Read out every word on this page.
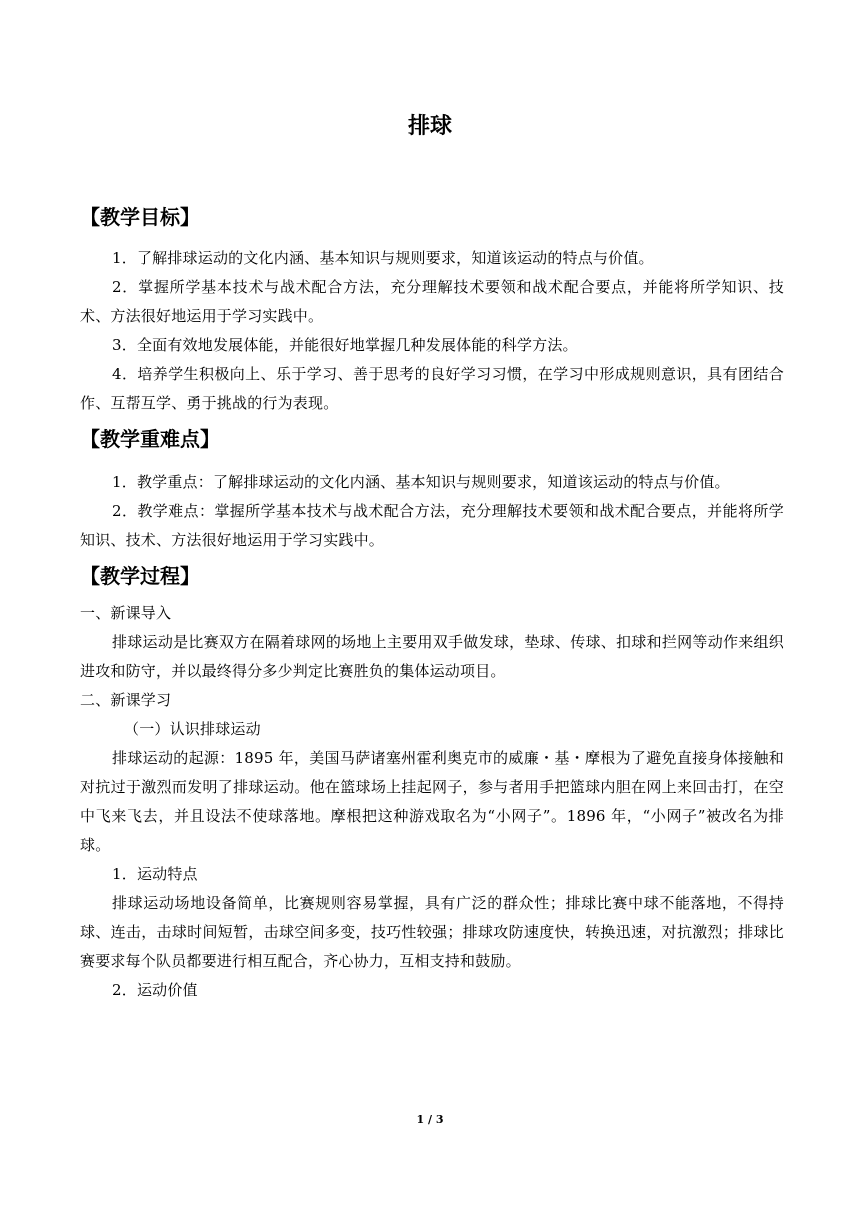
排球

【教学目标】

1．了解排球运动的文化内涵、基本知识与规则要求，知道该运动的特点与价值。

2．掌握所学基本技术与战术配合方法，充分理解技术要领和战术配合要点，并能将所学知识、技术、方法很好地运用于学习实践中。

3．全面有效地发展体能，并能很好地掌握几种发展体能的科学方法。

4．培养学生积极向上、乐于学习、善于思考的良好学习习惯，在学习中形成规则意识，具有团结合作、互帮互学、勇于挑战的行为表现。

【教学重难点】

1．教学重点：了解排球运动的文化内涵、基本知识与规则要求，知道该运动的特点与价值。

2．教学难点：掌握所学基本技术与战术配合方法，充分理解技术要领和战术配合要点，并能将所学知识、技术、方法很好地运用于学习实践中。

【教学过程】

一、新课导入

排球运动是比赛双方在隔着球网的场地上主要用双手做发球，垫球、传球、扣球和拦网等动作来组织进攻和防守，并以最终得分多少判定比赛胜负的集体运动项目。

二、新课学习

（一）认识排球运动

排球运动的起源：1895 年，美国马萨诸塞州霍利奥克市的威廉・基・摩根为了避免直接身体接触和对抗过于激烈而发明了排球运动。他在篮球场上挂起网子，参与者用手把篮球内胆在网上来回击打，在空中飞来飞去，并且设法不使球落地。摩根把这种游戏取名为“小网子”。1896 年，“小网子”被改名为排球。

1．运动特点

排球运动场地设备简单，比赛规则容易掌握，具有广泛的群众性；排球比赛中球不能落地，不得持球、连击，击球时间短暂，击球空间多变，技巧性较强；排球攻防速度快，转换迅速，对抗激烈；排球比赛要求每个队员都要进行相互配合，齐心协力，互相支持和鼓励。

2．运动价值

1 / 3
